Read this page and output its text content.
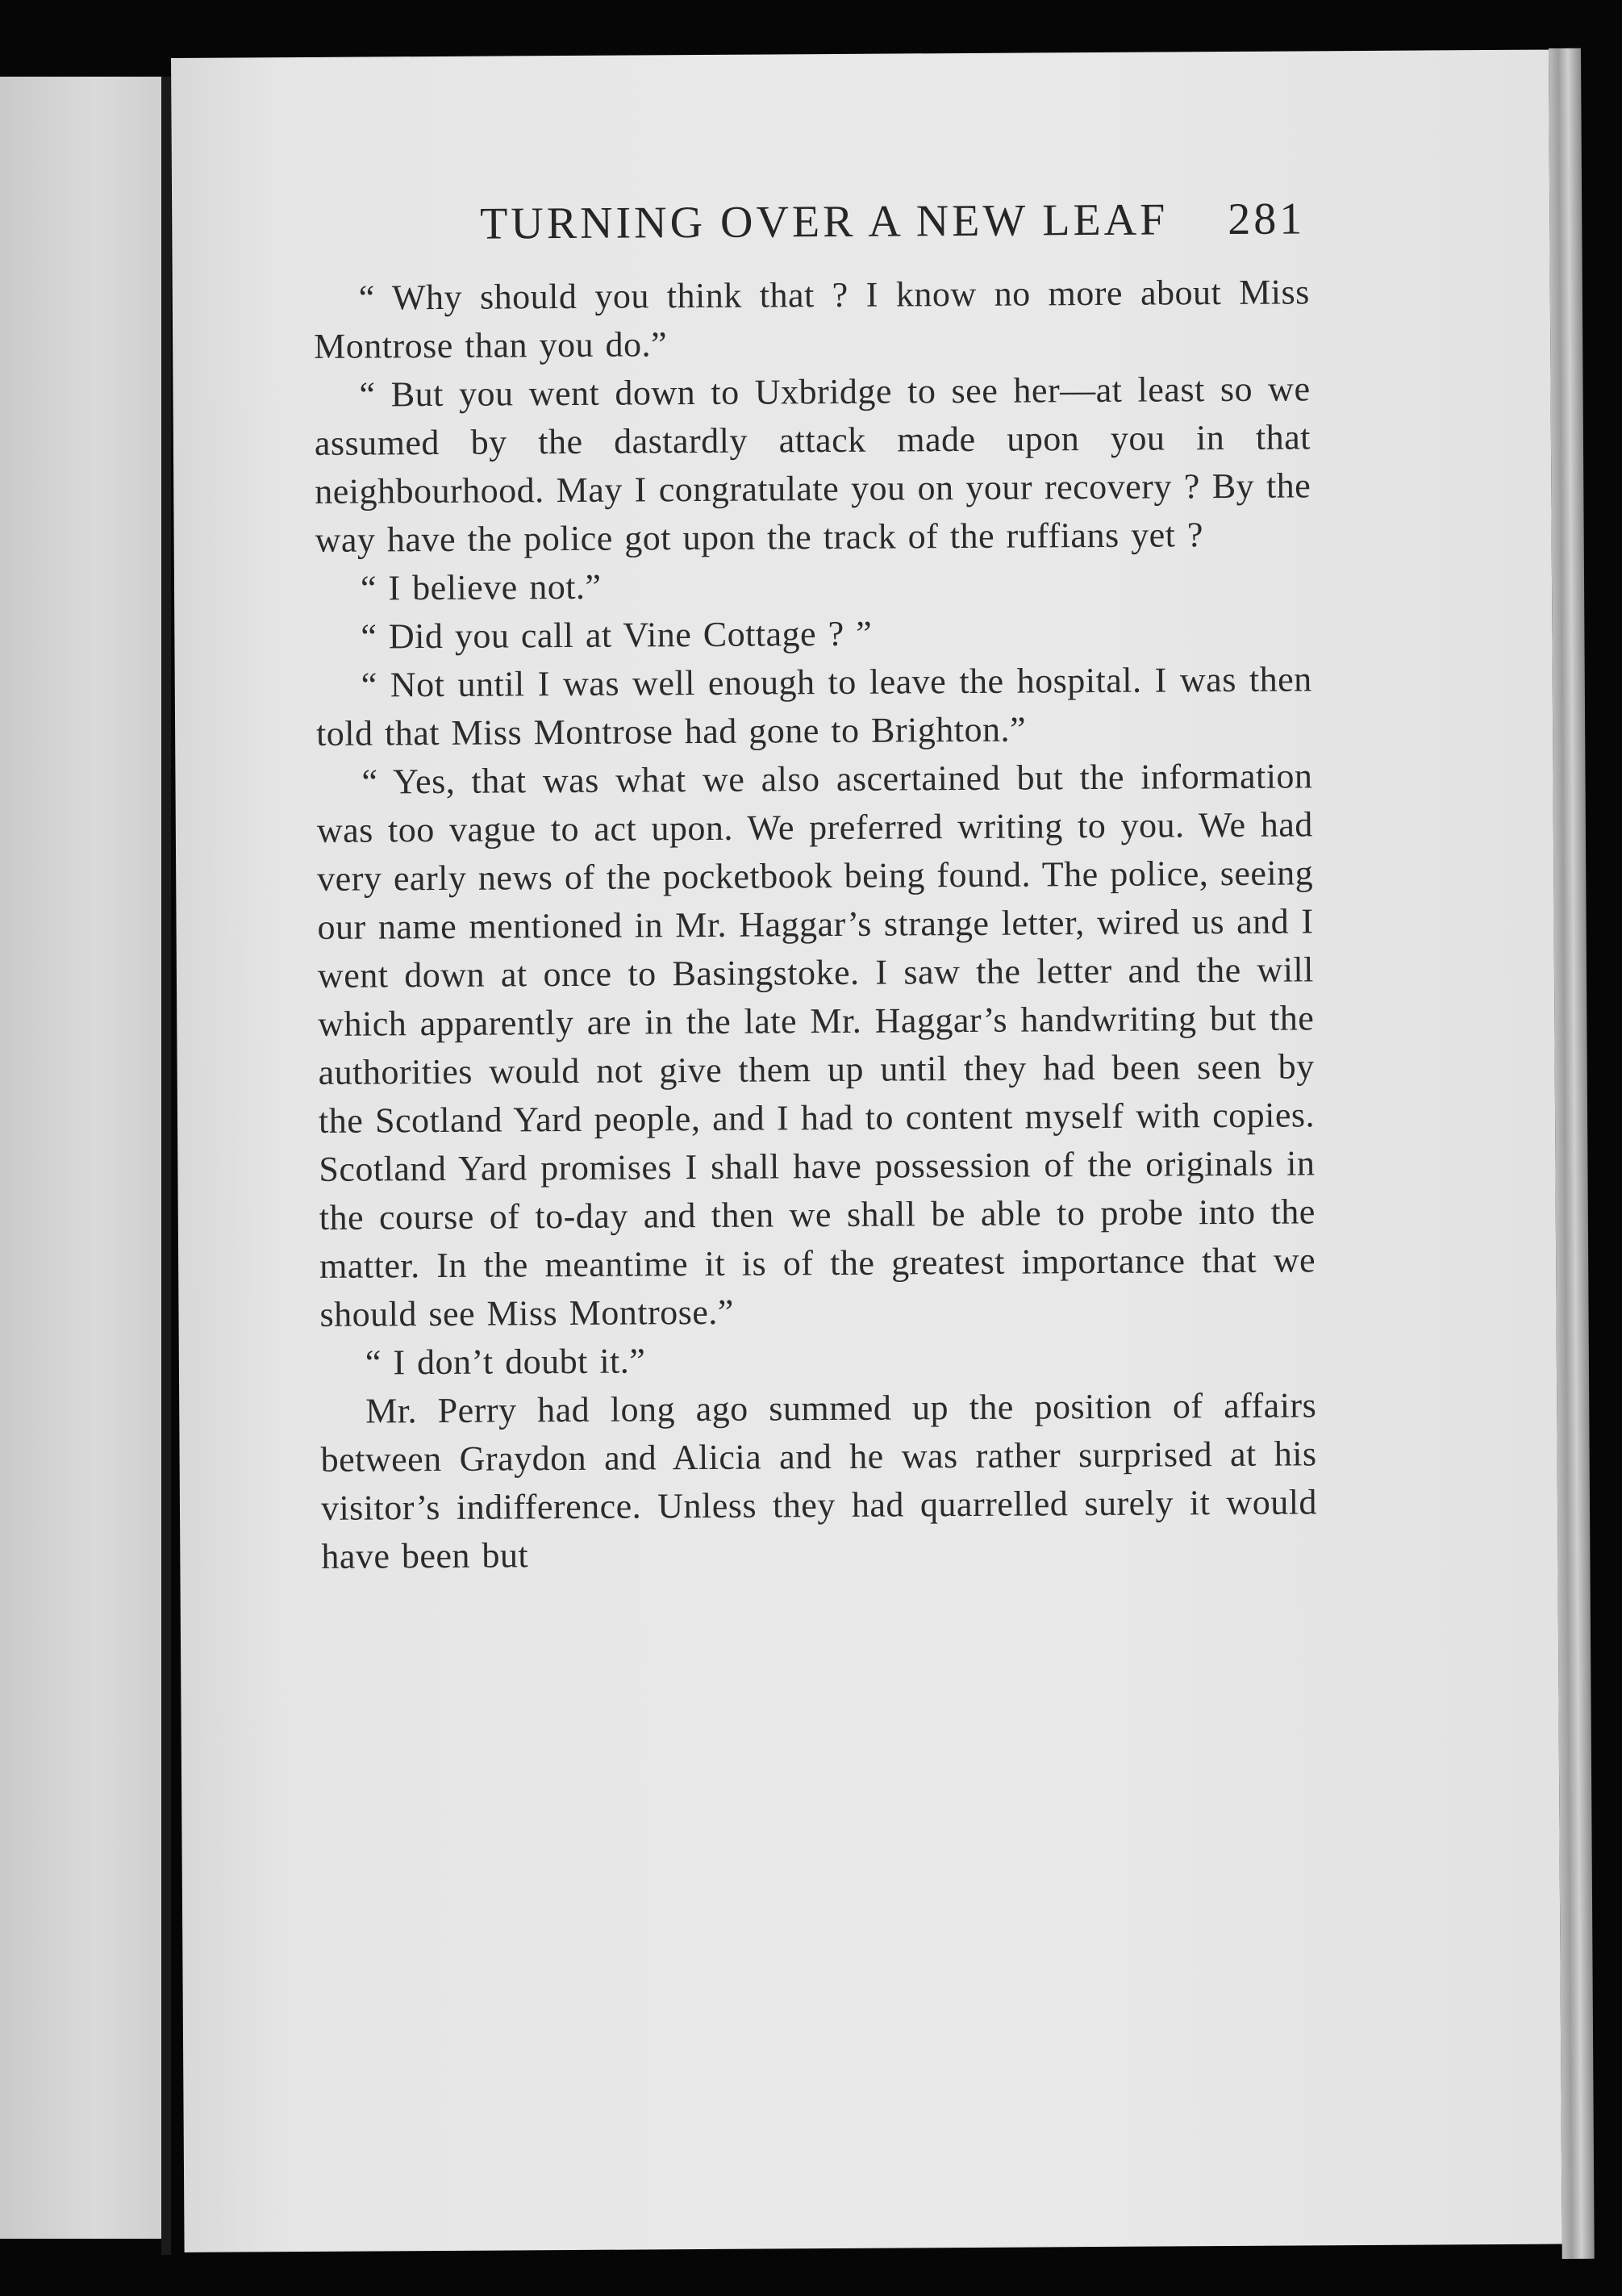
TURNING OVER A NEW LEAF 281

“ Why should you think that ? I know no more about Miss Montrose than you do.”

“ But you went down to Uxbridge to see her—at least so we assumed by the dastardly attack made upon you in that neighbourhood. May I congratulate you on your recovery ? By the way have the police got upon the track of the ruffians yet ?

“ I believe not.”

“ Did you call at Vine Cottage ? ”

“ Not until I was well enough to leave the hospital. I was then told that Miss Montrose had gone to Brighton.”

“ Yes, that was what we also ascertained but the information was too vague to act upon. We preferred writing to you. We had very early news of the pocketbook being found. The police, seeing our name mentioned in Mr. Haggar’s strange letter, wired us and I went down at once to Basingstoke. I saw the letter and the will which apparently are in the late Mr. Haggar’s handwriting but the authorities would not give them up until they had been seen by the Scotland Yard people, and I had to content myself with copies. Scotland Yard promises I shall have possession of the originals in the course of to-day and then we shall be able to probe into the matter. In the meantime it is of the greatest importance that we should see Miss Montrose.”

“ I don’t doubt it.”

Mr. Perry had long ago summed up the position of affairs between Graydon and Alicia and he was rather surprised at his visitor’s indifference. Unless they had quarrelled surely it would have been but
